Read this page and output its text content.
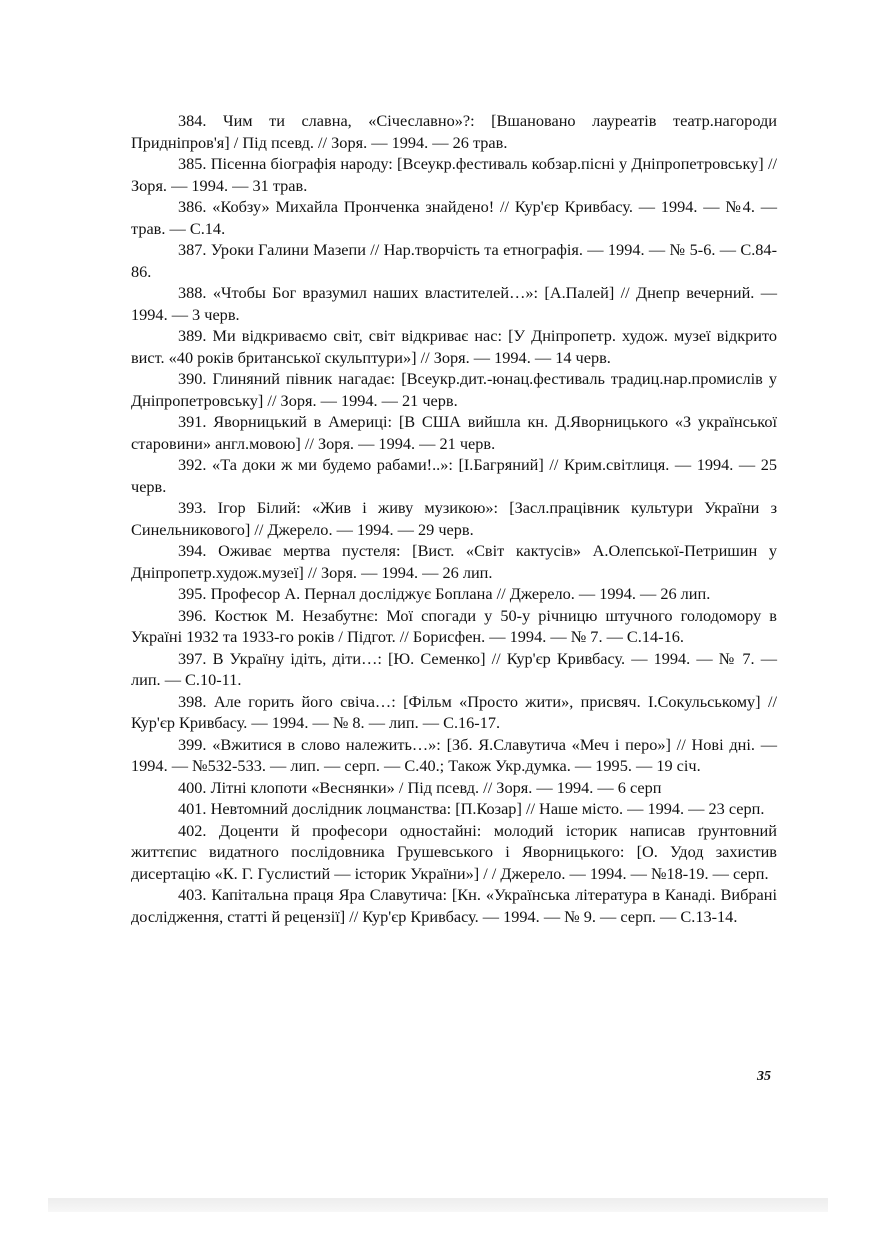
384. Чим ти славна, «Січеславно»?: [Вшановано лауреатів театр.нагороди Придніпров'я] / Під псевд. // Зоря. — 1994. — 26 трав.

385. Пісенна біографія народу: [Всеукр.фестиваль кобзар.пісні у Дніпропетровську] // Зоря. — 1994. — 31 трав.

386. «Кобзу» Михайла Пронченка знайдено! // Кур'єр Кривбасу. — 1994. — №4. — трав. — С.14.

387. Уроки Галини Мазепи // Нар.творчість та етнографія. — 1994. — № 5-6. — С.84-86.

388. «Чтобы Бог вразумил наших властителей…»: [А.Палей] // Днепр вечерний. — 1994. — 3 черв.

389. Ми відкриваємо світ, світ відкриває нас: [У Дніпропетр. худож. музеї відкрито вист. «40 років британської скульптури»] // Зоря. — 1994. — 14 черв.

390. Глиняний півник нагадає: [Всеукр.дит.-юнац.фестиваль традиц.нар.промислів у Дніпропетровську] // Зоря. — 1994. — 21 черв.

391. Яворницький в Америці: [В США вийшла кн. Д.Яворницького «З української старовини» англ.мовою] // Зоря. — 1994. — 21 черв.

392. «Та доки ж ми будемо рабами!..»: [І.Багряний] // Крим.світлиця. — 1994. — 25 черв.

393. Ігор Білий: «Жив і живу музикою»: [Засл.працівник культури України з Синельникового] // Джерело. — 1994. — 29 черв.

394. Оживає мертва пустеля: [Вист. «Світ кактусів» А.Олепської-Петришин у Дніпропетр.худож.музеї] // Зоря. — 1994. — 26 лип.

395. Професор А. Пернал досліджує Боплана // Джерело. — 1994. — 26 лип.

396. Костюк М. Незабутнє: Мої спогади у 50-у річницю штучного голодомору в Україні 1932 та 1933-го років / Підгот. // Борисфен. — 1994. — № 7. — С.14-16.

397. В Україну ідіть, діти…: [Ю. Семенко] // Кур'єр Кривбасу. — 1994. — № 7. — лип. — С.10-11.

398. Але горить його свіча…: [Фільм «Просто жити», присвяч. І.Сокульському] // Кур'єр Кривбасу. — 1994. — № 8. — лип. — С.16-17.

399. «Вжитися в слово належить…»: [Зб. Я.Славутича «Меч і перо»] // Нові дні. — 1994. — №532-533. — лип. — серп. — С.40.; Також Укр.думка. — 1995. — 19 січ.

400. Літні клопоти «Веснянки» / Під псевд. // Зоря. — 1994. — 6 серп

401. Невтомний дослідник лоцманства: [П.Козар] // Наше місто. — 1994. — 23 серп.

402. Доценти й професори одностайні: молодий історик написав ґрунтовний життєпис видатного послідовника Грушевського і Яворницького: [О. Удод захистив дисертацію «К. Г. Гуслистий — історик України»] / / Джерело. — 1994. — №18-19. — серп.

403. Капітальна праця Яра Славутича: [Кн. «Українська література в Канаді. Вибрані дослідження, статті й рецензії] // Кур'єр Кривбасу. — 1994. — № 9. — серп. — С.13-14.

35
